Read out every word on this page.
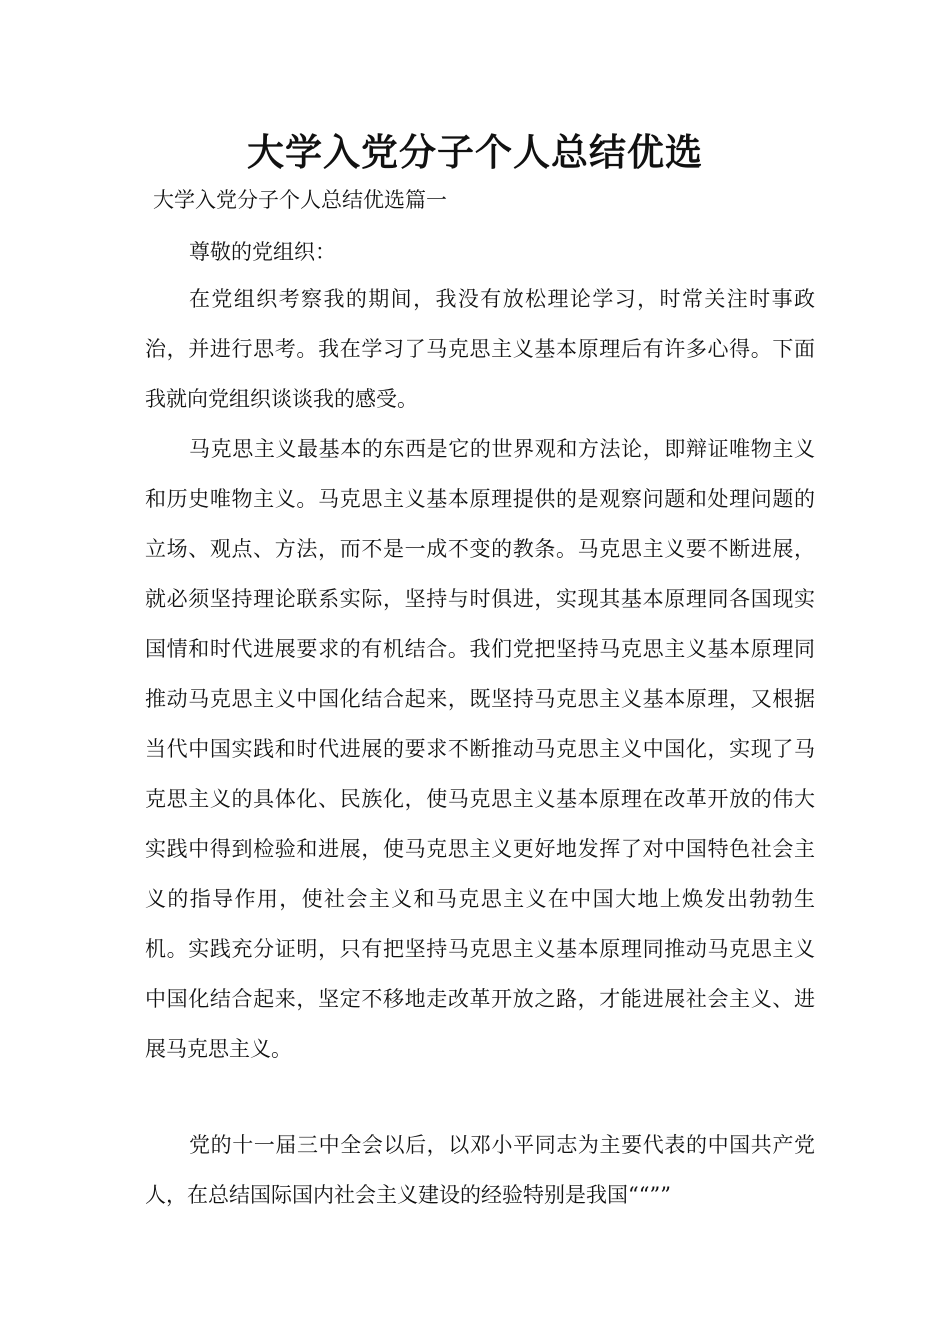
大学入党分子个人总结优选
大学入党分子个人总结优选篇一
尊敬的党组织：
在党组织考察我的期间，我没有放松理论学习，时常关注时事政治，并进行思考。我在学习了马克思主义基本原理后有许多心得。下面我就向党组织谈谈我的感受。
马克思主义最基本的东西是它的世界观和方法论，即辩证唯物主义和历史唯物主义。马克思主义基本原理提供的是观察问题和处理问题的立场、观点、方法，而不是一成不变的教条。马克思主义要不断进展，就必须坚持理论联系实际，坚持与时俱进，实现其基本原理同各国现实国情和时代进展要求的有机结合。我们党把坚持马克思主义基本原理同推动马克思主义中国化结合起来，既坚持马克思主义基本原理，又根据当代中国实践和时代进展的要求不断推动马克思主义中国化，实现了马克思主义的具体化、民族化，使马克思主义基本原理在改革开放的伟大实践中得到检验和进展，使马克思主义更好地发挥了对中国特色社会主义的指导作用，使社会主义和马克思主义在中国大地上焕发出勃勃生机。实践充分证明，只有把坚持马克思主义基本原理同推动马克思主义中国化结合起来，坚定不移地走改革开放之路，才能进展社会主义、进展马克思主义。
党的十一届三中全会以后，以邓小平同志为主要代表的中国共产党人，在总结国际国内社会主义建设的经验特别是我国““””
